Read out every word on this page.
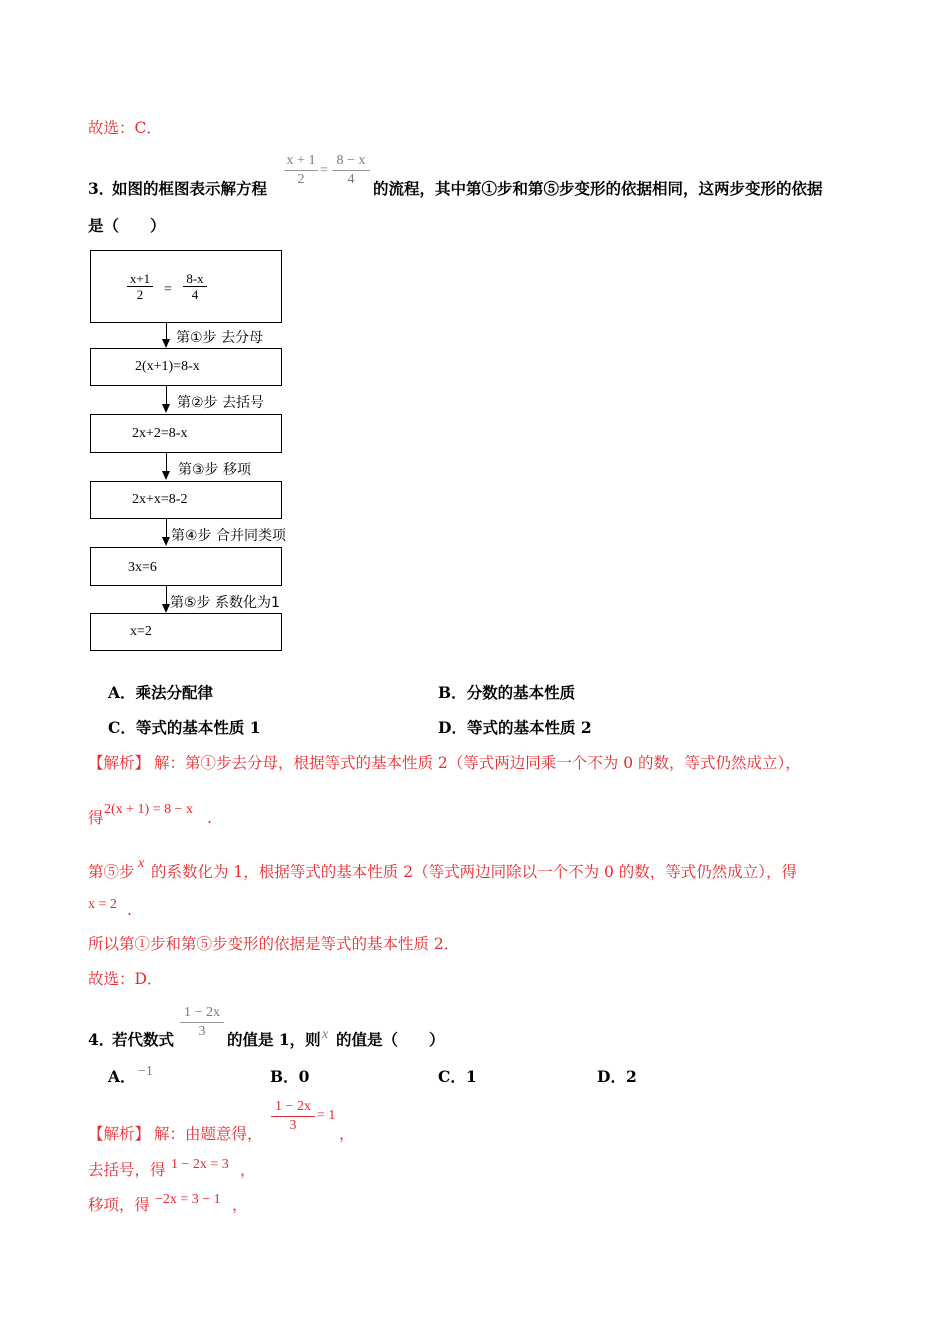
故选：C．
3．
如图的框图表示解方程
x + 1
2
=
8 − x
4	的流程，其中第①步和第⑤步变形的依据相同，这两步变形的依据
是（　　）
x+1
2	=
8-x
4
第①步 去分母
2(x+1)=8-x
第②步 去括号
2x+2=8-x
第③步 移项
2x+x=8-2
第④步 合并同类项
3x=6
第⑤步 系数化为1
x=2
A．乘法分配律	B．分数的基本性质
C．等式的基本性质 1	D．等式的基本性质 2
【解析】 解：第①步去分母，根据等式的基本性质 2（等式两边同乘一个不为 0 的数，等式仍然成立），
得 2(x + 1) = 8 − x .
第⑤步 x 的系数化为 1，根据等式的基本性质 2（等式两边同除以一个不为 0 的数，等式仍然成立），得
x = 2 .
所以第①步和第⑤步变形的依据是等式的基本性质 2．
故选：D．
4．
若代数式
1 − 2x
3	的值是 1，则 x 的值是（　　）
A． −1	B．0	C．1	D．2
【解析】 解：由题意得，
1 − 2x
3
= 1
，
去括号，得 1 − 2x = 3 ，
移项，得 −2x = 3 − 1 ，
